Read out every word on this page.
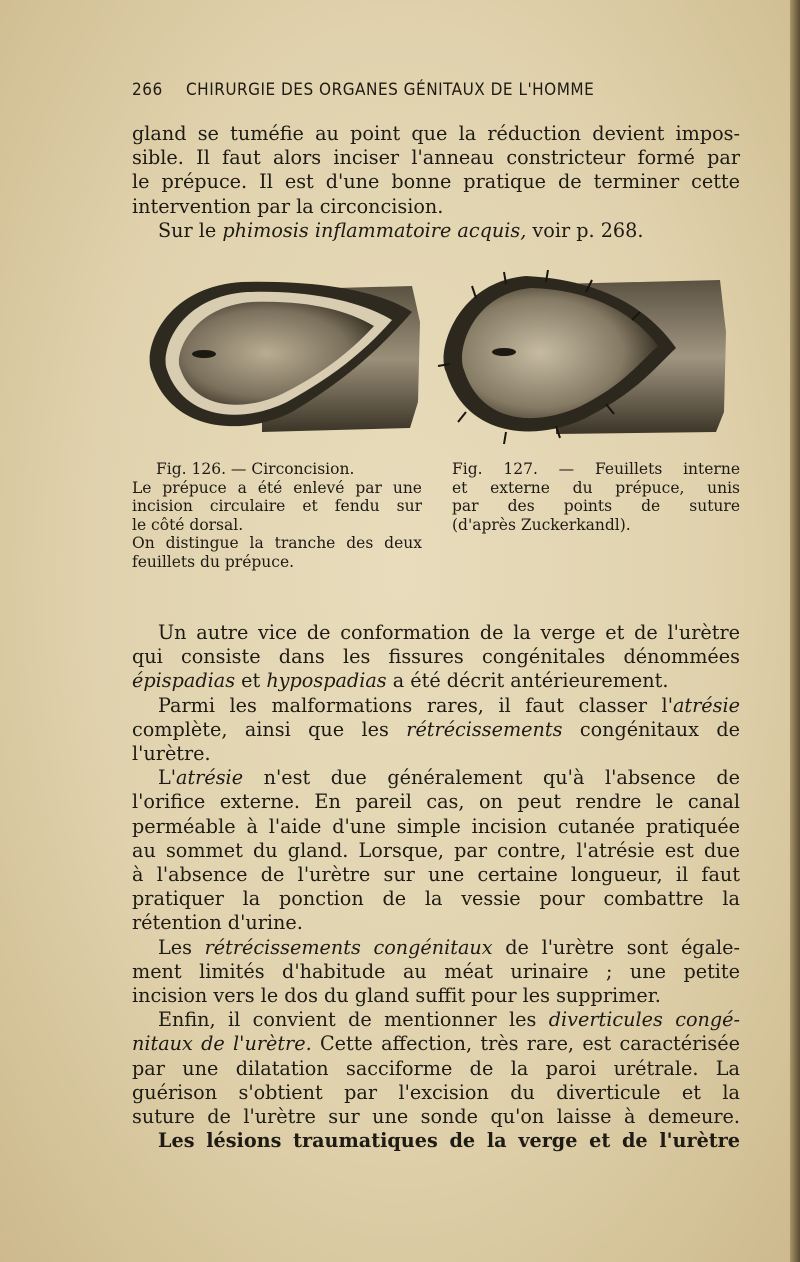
266 CHIRURGIE DES ORGANES GÉNITAUX DE L'HOMME

gland se tuméfie au point que la réduction devient impos-

sible. Il faut alors inciser l'anneau constricteur formé par

le prépuce. Il est d'une bonne pratique de terminer cette

intervention par la circoncision.

Sur le phimosis inflammatoire acquis, voir p. 268.

Fig. 126. — Circoncision.

Le prépuce a été enlevé par une

incision circulaire et fendu sur

le côté dorsal.

On distingue la tranche des deux

feuillets du prépuce.

Fig. 127. — Feuillets interne

et externe du prépuce, unis

par des points de suture

(d'après Zuckerkandl).

Un autre vice de conformation de la verge et de l'urètre

qui consiste dans les fissures congénitales dénommées

épispadias et hypospadias a été décrit antérieurement.

Parmi les malformations rares, il faut classer l'atrésie

complète, ainsi que les rétrécissements congénitaux de

l'urètre.

L'atrésie n'est due généralement qu'à l'absence de

l'orifice externe. En pareil cas, on peut rendre le canal

perméable à l'aide d'une simple incision cutanée pratiquée

au sommet du gland. Lorsque, par contre, l'atrésie est due

à l'absence de l'urètre sur une certaine longueur, il faut

pratiquer la ponction de la vessie pour combattre la

rétention d'urine.

Les rétrécissements congénitaux de l'urètre sont égale-

ment limités d'habitude au méat urinaire ; une petite

incision vers le dos du gland suffit pour les supprimer.

Enfin, il convient de mentionner les diverticules congé-

nitaux de l'urètre. Cette affection, très rare, est caractérisée

par une dilatation sacciforme de la paroi urétrale. La

guérison s'obtient par l'excision du diverticule et la

suture de l'urètre sur une sonde qu'on laisse à demeure.

Les lésions traumatiques de la verge et de l'urètre
